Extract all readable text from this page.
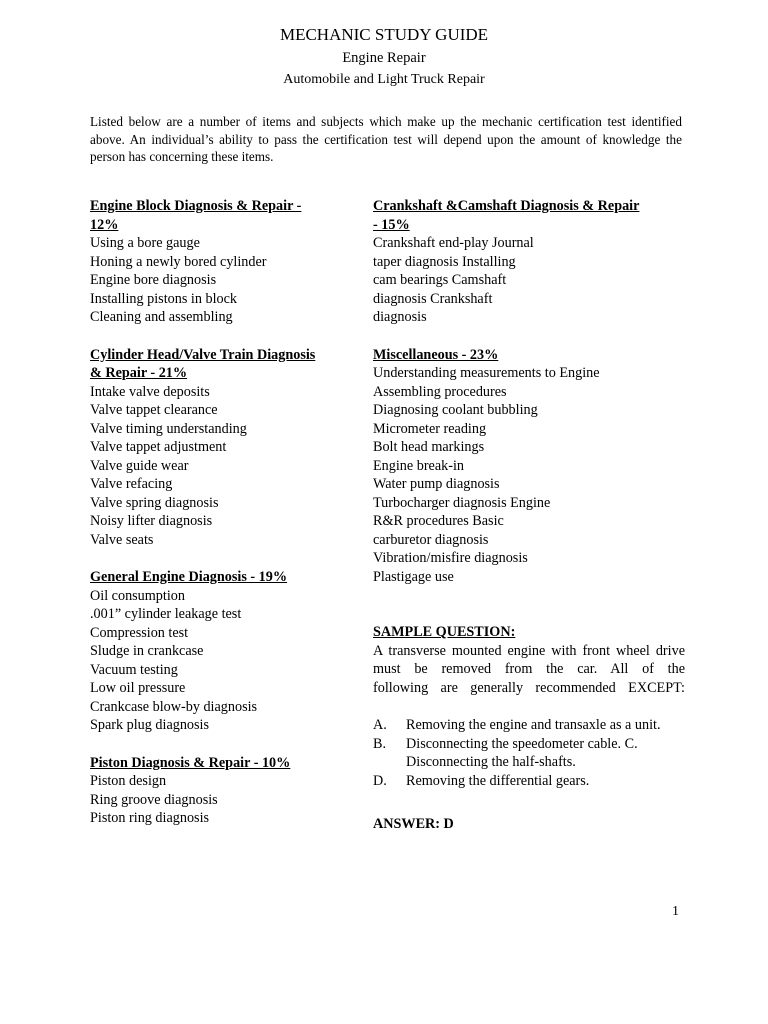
MECHANIC STUDY GUIDE
Engine Repair
Automobile and Light Truck Repair
Listed below are a number of items and subjects which make up the mechanic certification test identified
above. An individual’s ability to pass the certification test will depend upon the amount of knowledge the
person has concerning these items.
Engine Block Diagnosis & Repair -
12%
Using a bore gauge
Honing a newly bored cylinder
Engine bore diagnosis
Installing pistons in block
Cleaning and assembling
Cylinder Head/Valve Train Diagnosis
& Repair - 21%
Intake valve deposits
Valve tappet clearance
Valve timing understanding
Valve tappet adjustment
Valve guide wear
Valve refacing
Valve spring diagnosis
Noisy lifter diagnosis
Valve seats
General Engine Diagnosis - 19%
Oil consumption
.001” cylinder leakage test
Compression test
Sludge in crankcase
Vacuum testing
Low oil pressure
Crankcase blow-by diagnosis
Spark plug diagnosis
Piston Diagnosis & Repair - 10%
Piston design
Ring groove diagnosis
Piston ring diagnosis
Crankshaft &Camshaft Diagnosis & Repair
- 15%
Crankshaft end-play Journal
taper diagnosis Installing
cam bearings Camshaft
diagnosis Crankshaft
diagnosis
Miscellaneous - 23%
Understanding measurements to Engine
Assembling procedures
Diagnosing coolant bubbling
Micrometer reading
Bolt head markings
Engine break-in
Water pump diagnosis
Turbocharger diagnosis Engine
R&R procedures Basic
carburetor diagnosis
Vibration/misfire diagnosis
Plastigage use
SAMPLE QUESTION:
A transverse mounted engine with front wheel drive
must be removed from the car. All of the
following are generally recommended EXCEPT:
A.	Removing the engine and transaxle as a unit.
B.	Disconnecting the speedometer cable. C.
Disconnecting the half-shafts.
D.	Removing the differential gears.
ANSWER: D
1
